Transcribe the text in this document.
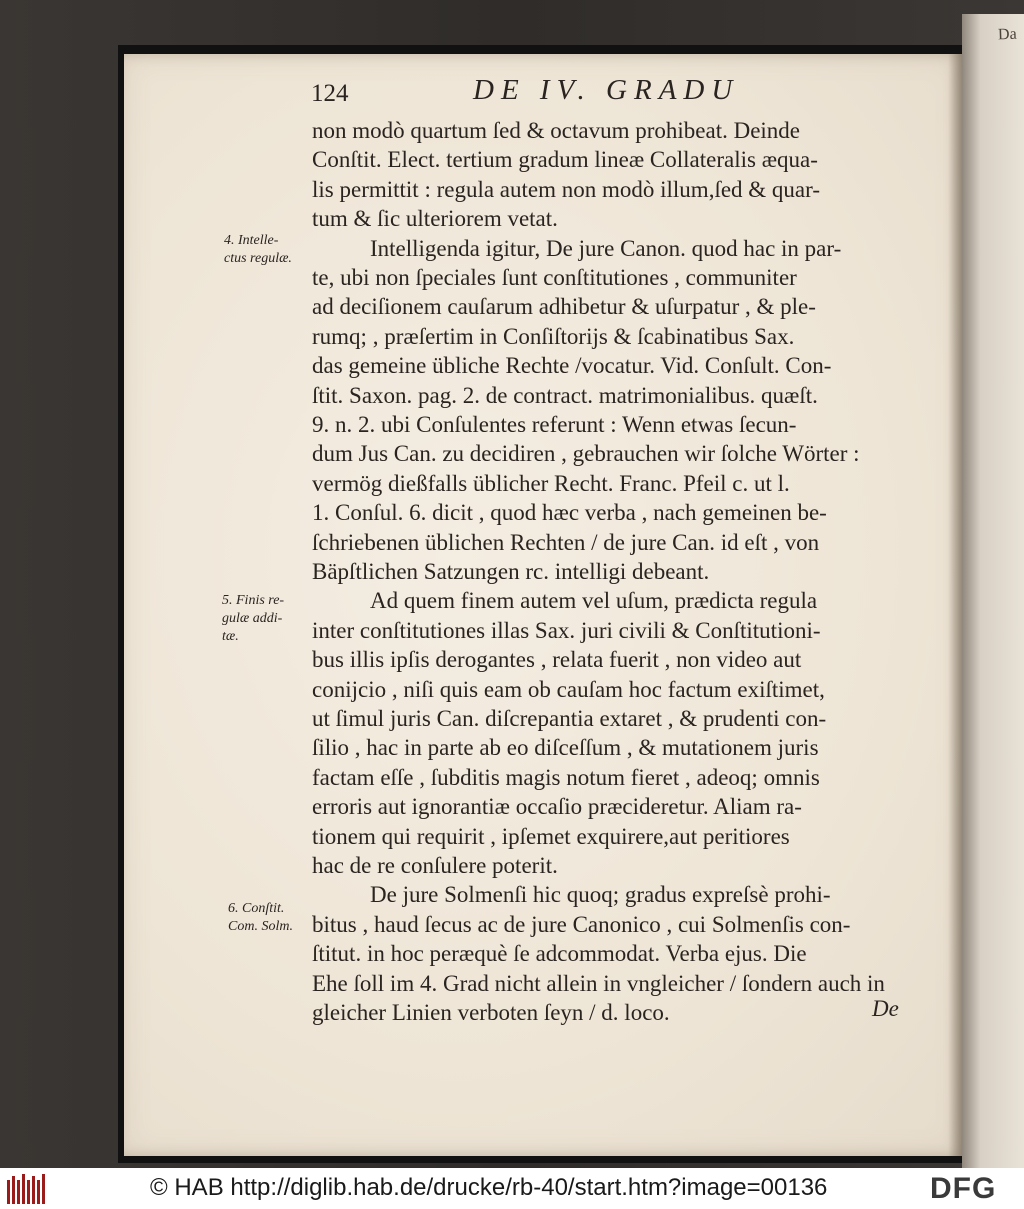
Da
124	DE IV. GRADU
non modò quartum ſed & octavum prohibeat. Deinde
Conſtit. Elect. tertium gradum lineæ Collateralis æqua-
lis permittit : regula autem non modò illum,ſed & quar-
tum & ſic ulteriorem vetat.
Intelligenda igitur, De jure Canon. quod hac in par-
te, ubi non ſpeciales ſunt conſtitutiones , communiter
ad deciſionem cauſarum adhibetur & uſurpatur , & ple-
rumq; , præſertim in Conſiſtorijs & ſcabinatibus Sax.
das gemeine übliche Rechte /vocatur. Vid. Conſult. Con-
ſtit. Saxon. pag. 2. de contract. matrimonialibus. quæſt.
9. n. 2. ubi Conſulentes referunt : Wenn etwas ſecun-
dum Jus Can. zu decidiren , gebrauchen wir ſolche Wörter :
vermög dießfalls üblicher Recht. Franc. Pfeil c. ut l.
1. Conſul. 6. dicit , quod hæc verba , nach gemeinen be-
ſchriebenen üblichen Rechten / de jure Can. id eſt , von
Bäpſtlichen Satzungen rc. intelligi debeant.
Ad quem finem autem vel uſum, prædicta regula
inter conſtitutiones illas Sax. juri civili & Conſtitutioni-
bus illis ipſis derogantes , relata fuerit , non video aut
conijcio , niſi quis eam ob cauſam hoc factum exiſtimet,
ut ſimul juris Can. diſcrepantia extaret , & prudenti con-
ſilio , hac in parte ab eo diſceſſum , & mutationem juris
factam eſſe , ſubditis magis notum fieret , adeoq; omnis
erroris aut ignorantiæ occaſio præcideretur. Aliam ra-
tionem qui requirit , ipſemet exquirere,aut peritiores
hac de re conſulere poterit.
De jure Solmenſi hic quoq; gradus expreſsè prohi-
bitus , haud ſecus ac de jure Canonico , cui Solmenſis con-
ſtitut. in hoc peræquè ſe adcommodat. Verba ejus. Die
Ehe ſoll im 4. Grad nicht allein in vngleicher / ſondern auch in
gleicher Linien verboten ſeyn / d. loco.
4. Intelle-
ctus regulæ.
5. Finis re-
gulæ addi-
tæ.
6. Conſtit.
Com. Solm.
De
© HAB http://diglib.hab.de/drucke/rb-40/start.htm?image=00136	DFG
